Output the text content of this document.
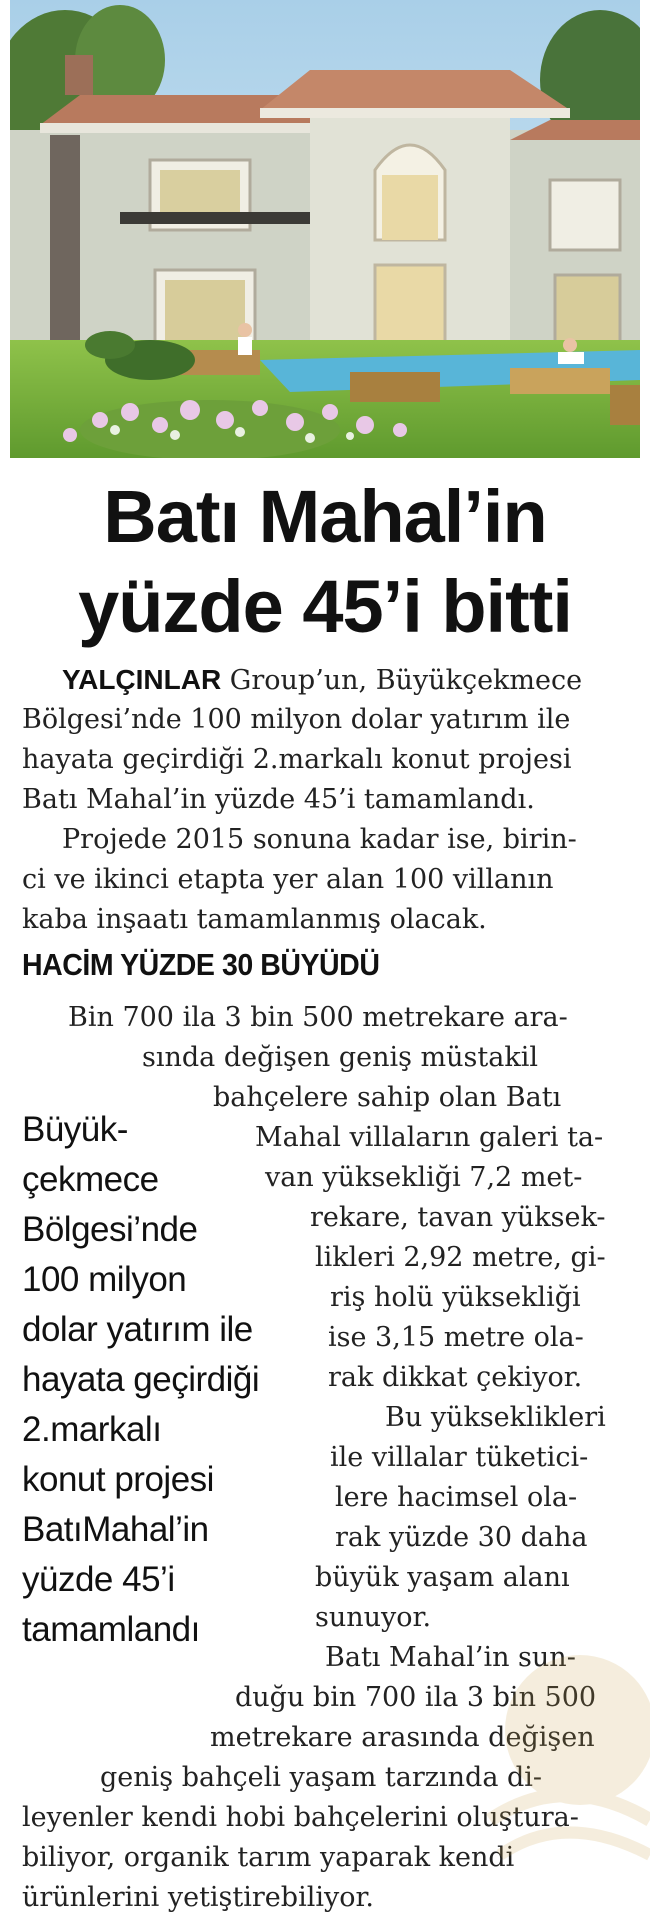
Batı Mahal’in
yüzde 45’i bitti
YALÇINLAR Group’un, Büyükçekmece
Bölgesi’nde 100 milyon dolar yatırım ile
hayata geçirdiği 2.markalı konut projesi
Batı Mahal’in yüzde 45’i tamamlandı.
Projede 2015 sonuna kadar ise, birin-
ci ve ikinci etapta yer alan 100 villanın
kaba inşaatı tamamlanmış olacak.
HACİM YÜZDE 30 BÜYÜDÜ
Bin 700 ila 3 bin 500 metrekare ara-
sında değişen geniş müstakil
bahçelere sahip olan Batı
Mahal villaların galeri ta-
van yüksekliği 7,2 met-
rekare, tavan yüksek-
likleri 2,92 metre, gi-
riş holü yüksekliği
ise 3,15 metre ola-
rak dikkat çekiyor.
Bu yükseklikleri
ile villalar tüketici-
lere hacimsel ola-
rak yüzde 30 daha
büyük yaşam alanı
sunuyor.
Batı Mahal’in sun-
duğu bin 700 ila 3 bin 500
metrekare arasında değişen
geniş bahçeli yaşam tarzında di-
leyenler kendi hobi bahçelerini oluştura-
biliyor, organik tarım yaparak kendi
ürünlerini yetiştirebiliyor.
Büyük-
çekmece
Bölgesi’nde
100 milyon
dolar yatırım ile
hayata geçirdiği
2.markalı
konut projesi
BatıMahal’in
yüzde 45’i
tamamlandı
